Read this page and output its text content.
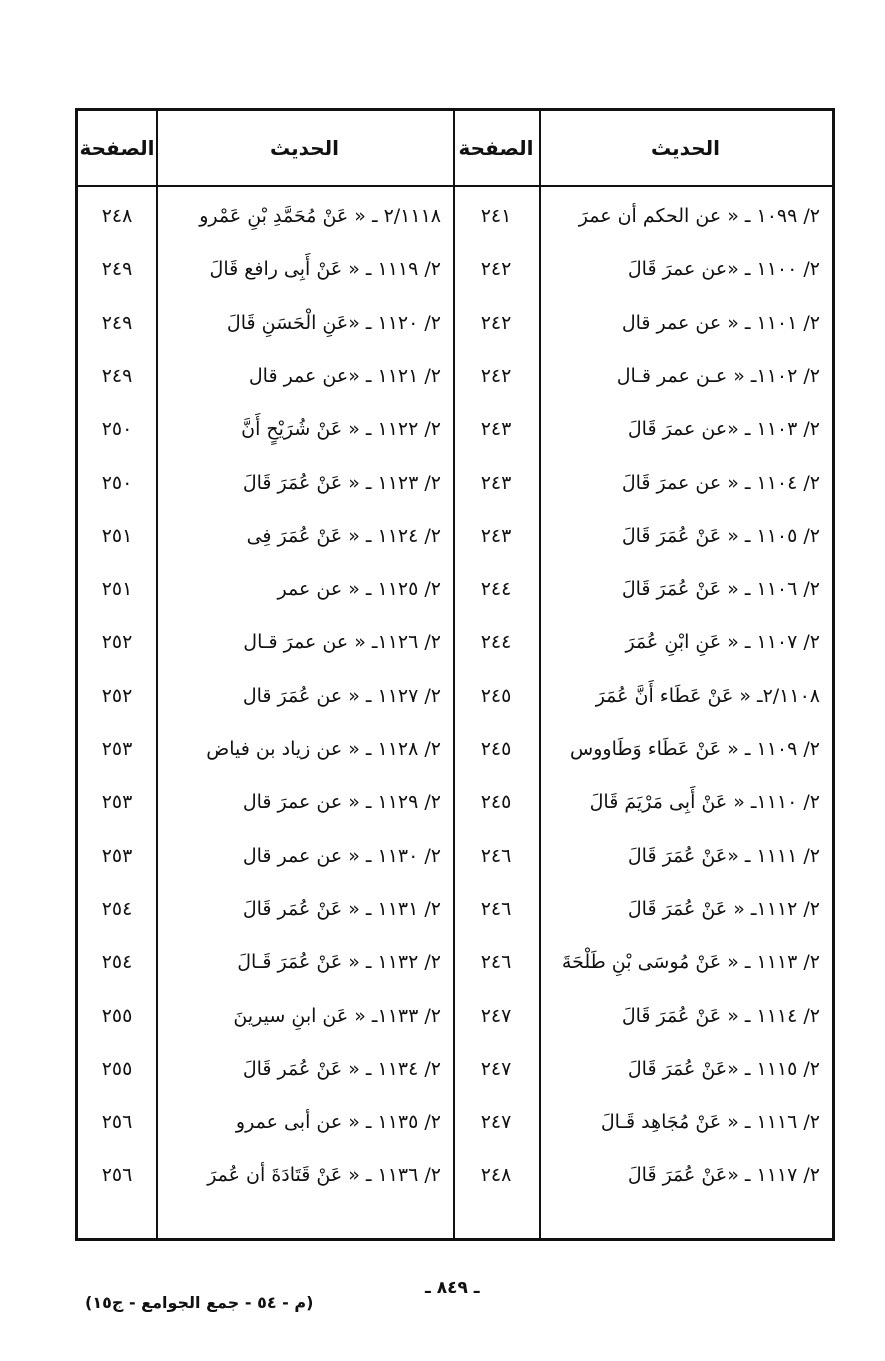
الحديث
الصفحة
الحديث
الصفحة
٢/ ١٠٩٩ ـ « عن الحكم أن عمرَ
٢/ ١١٠٠ ـ «عن عمرَ قَالَ
٢/ ١١٠١ ـ « عن عمر قال
٢/ ١١٠٢ـ « عـن عمر قـال
٢/ ١١٠٣ ـ «عن عمرَ قَالَ
٢/ ١١٠٤ ـ « عن عمرَ قَالَ
٢/ ١١٠٥ ـ « عَنْ عُمَرَ قَالَ
٢/ ١١٠٦ ـ « عَنْ عُمَرَ قَالَ
٢/ ١١٠٧ ـ « عَنِ ابْنِ عُمَرَ
٢/١١٠٨ـ « عَنْ عَطَاء أَنَّ عُمَرَ
٢/ ١١٠٩ ـ « عَنْ عَطَاء وَطَاووس
٢/ ١١١٠ـ « عَنْ أَبِى مَرْيَمَ قَالَ
٢/ ١١١١ ـ «عَنْ عُمَرَ قَالَ
٢/ ١١١٢ـ « عَنْ عُمَرَ قَالَ
٢/ ١١١٣ ـ « عَنْ مُوسَى بْنِ طَلْحَةَ
٢/ ١١١٤ ـ « عَنْ عُمَرَ قَالَ
٢/ ١١١٥ ـ «عَنْ عُمَرَ قَالَ
٢/ ١١١٦ ـ « عَنْ مُجَاهِد قَـالَ
٢/ ١١١٧ ـ «عَنْ عُمَرَ قَالَ
٢٤١
٢٤٢
٢٤٢
٢٤٢
٢٤٣
٢٤٣
٢٤٣
٢٤٤
٢٤٤
٢٤٥
٢٤٥
٢٤٥
٢٤٦
٢٤٦
٢٤٦
٢٤٧
٢٤٧
٢٤٧
٢٤٨
٢/١١١٨ ـ « عَنْ مُحَمَّدِ بْنِ عَمْرو
٢/ ١١١٩ ـ « عَنْ أَبِى رافع قَالَ
٢/ ١١٢٠ ـ «عَنِ الْحَسَنِ قَالَ
٢/ ١١٢١ ـ «عن عمر قال
٢/ ١١٢٢ ـ « عَنْ شُرَيْحٍ أَنَّ
٢/ ١١٢٣ ـ « عَنْ عُمَرَ قَالَ
٢/ ١١٢٤ ـ « عَنْ عُمَرَ فِى
٢/ ١١٢٥ ـ « عن عمر
٢/ ١١٢٦ـ « عن عمرَ قـال
٢/ ١١٢٧ ـ « عن عُمَرَ قال
٢/ ١١٢٨ ـ « عن زياد بن فياض
٢/ ١١٢٩ ـ « عن عمرَ قال
٢/ ١١٣٠ ـ « عن عمر قال
٢/ ١١٣١ ـ « عَنْ عُمَر قَالَ
٢/ ١١٣٢ ـ « عَنْ عُمَرَ قَـالَ
٢/ ١١٣٣ـ « عَن ابنِ سيرينَ
٢/ ١١٣٤ ـ « عَنْ عُمَر قَالَ
٢/ ١١٣٥ ـ « عن أبى عمرو
٢/ ١١٣٦ ـ « عَنْ قَتَادَةَ أن عُمرَ
٢٤٨
٢٤٩
٢٤٩
٢٤٩
٢٥٠
٢٥٠
٢٥١
٢٥١
٢٥٢
٢٥٢
٢٥٣
٢٥٣
٢٥٣
٢٥٤
٢٥٤
٢٥٥
٢٥٥
٢٥٦
٢٥٦
ـ ٨٤٩ ـ
(م - ٥٤ - جمع الجوامع - ج١٥)
